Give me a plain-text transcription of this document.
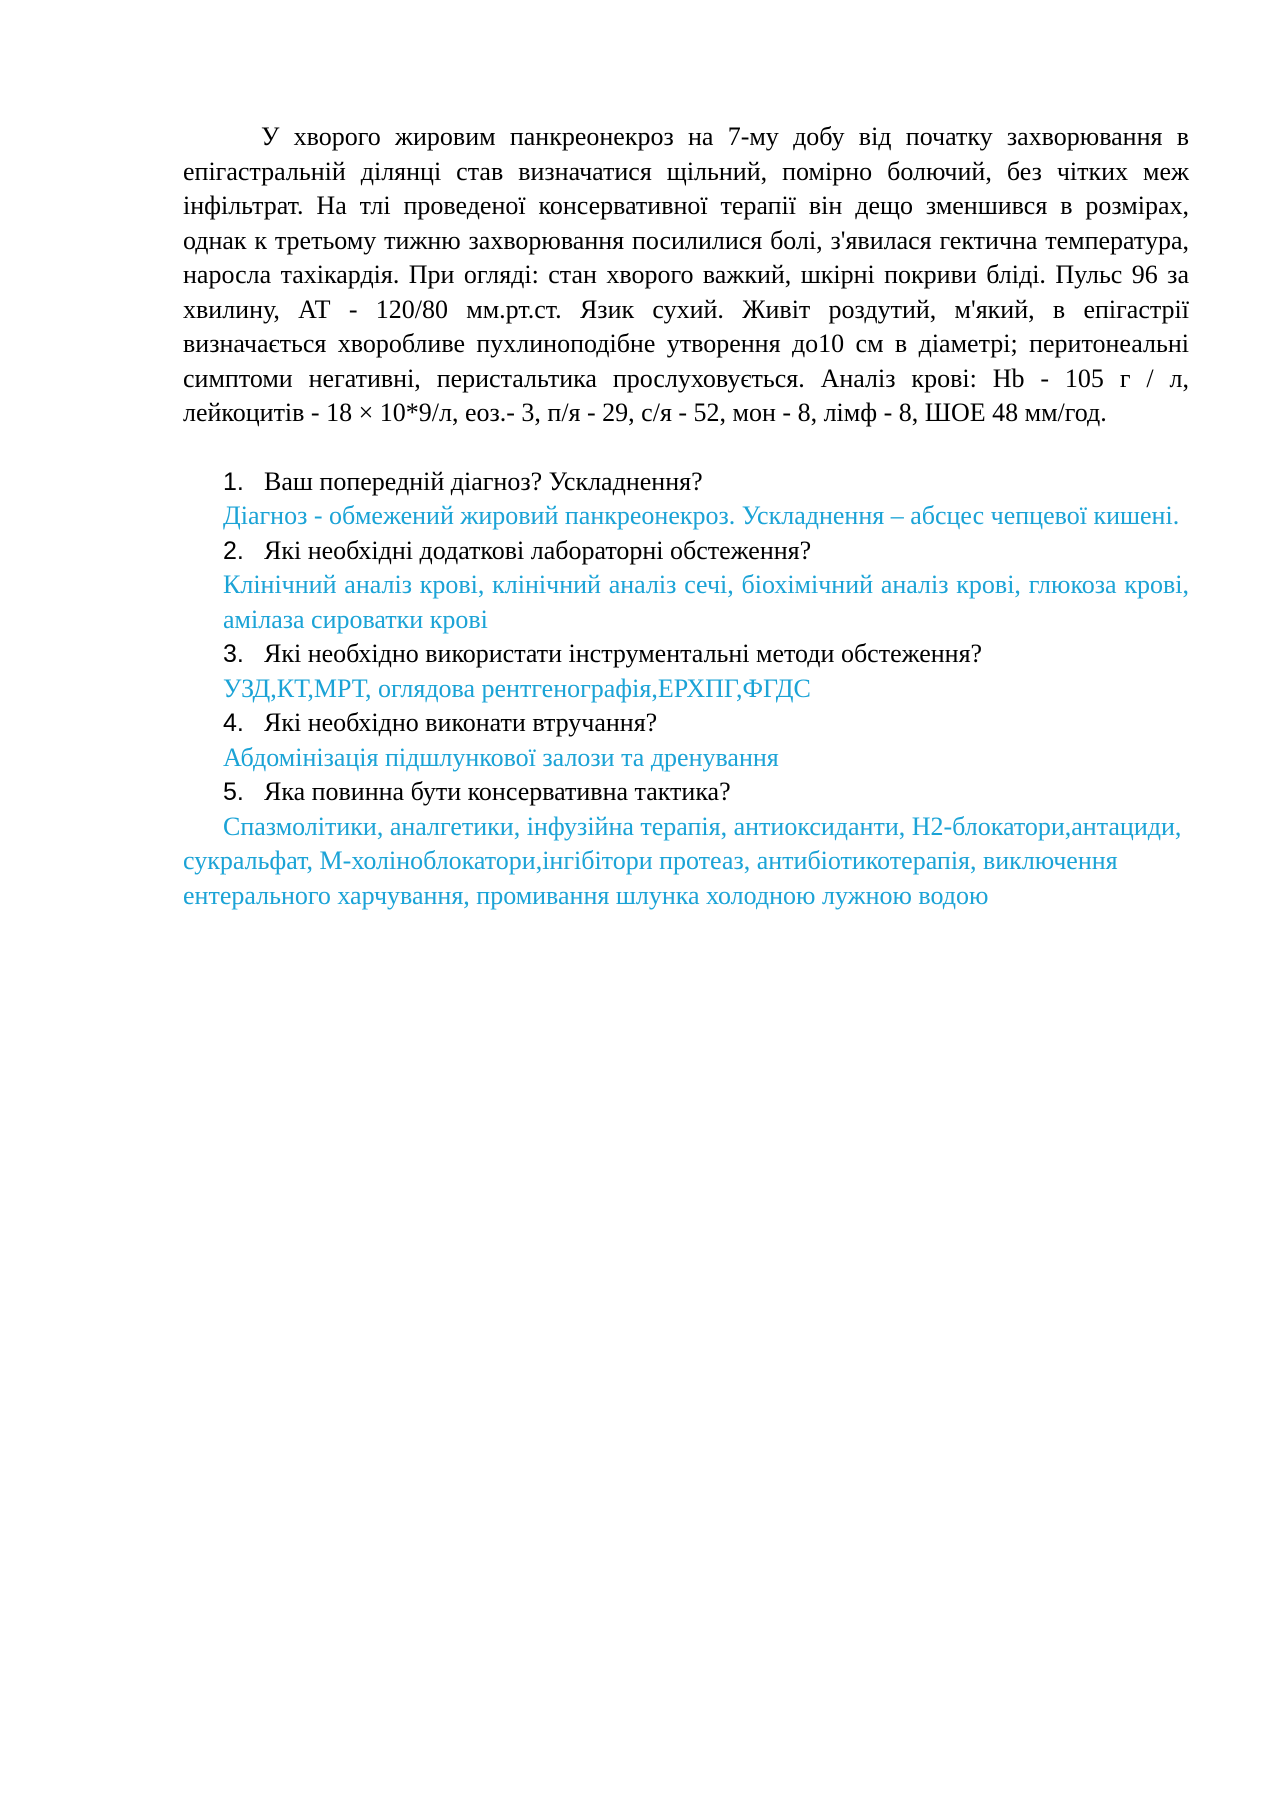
У хворого жировим панкреонекроз на 7-му добу від початку захворювання в епігастральній ділянці став визначатися щільний, помірно болючий, без чітких меж інфільтрат. На тлі проведеної консервативної терапії він дещо зменшився в розмірах, однак к третьому тижню захворювання посилилися болі, з'явилася гектична температура, наросла тахікардія. При огляді: стан хворого важкий, шкірні покриви бліді. Пульс 96 за хвилину, АТ - 120/80 мм.рт.ст. Язик сухий. Живіт роздутий, м'який, в епігастрії визначається хворобливе пухлиноподібне утворення до10 см в діаметрі; перитонеальні симптоми негативні, перистальтика прослуховується. Аналіз крові: Hb - 105 г / л, лейкоцитів - 18 × 10*9/л, еоз.- 3, п/я - 29, с/я - 52, мон - 8, лімф - 8, ШОЕ 48 мм/год.

1. Ваш попередній діагноз? Ускладнення?

Діагноз - обмежений жировий панкреонекроз. Ускладнення – абсцес чепцевої кишені.

2. Які необхідні додаткові лабораторні обстеження?

Клінічний аналіз крові, клінічний аналіз сечі, біохімічний аналіз крові, глюкоза крові, амілаза сироватки крові

3. Які необхідно використати інструментальні методи обстеження?

УЗД,КТ,МРТ, оглядова рентгенографія,ЕРХПГ,ФГДС

4. Які необхідно виконати втручання?

Абдомінізація підшлункової залози та дренування

5. Яка повинна бути консервативна тактика?

Спазмолітики, аналгетики, інфузійна терапія, антиоксиданти, Н2-блокатори,антациди, сукральфат, М-холіноблокатори,інгібітори протеаз, антибіотикотерапія, виключення ентерального харчування, промивання шлунка холодною лужною водою
